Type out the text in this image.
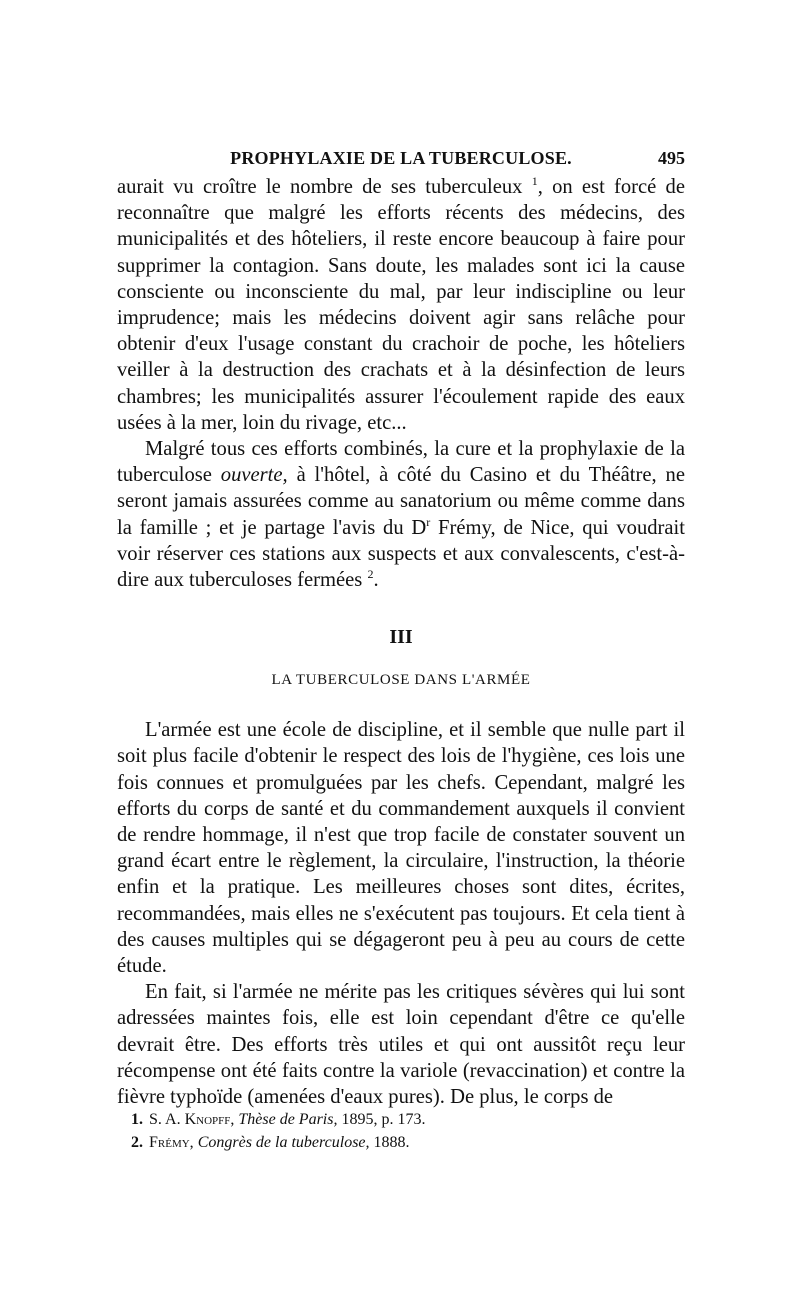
PROPHYLAXIE DE LA TUBERCULOSE.	495

aurait vu croître le nombre de ses tuberculeux $^1$, on est forcé de reconnaître que malgré les efforts récents des médecins, des municipalités et des hôteliers, il reste encore beaucoup à faire pour supprimer la contagion. Sans doute, les malades sont ici la cause consciente ou inconsciente du mal, par leur indiscipline ou leur imprudence; mais les médecins doivent agir sans relâche pour obtenir d'eux l'usage constant du crachoir de poche, les hôteliers veiller à la destruction des crachats et à la désinfection de leurs chambres; les municipalités assurer l'écoulement rapide des eaux usées à la mer, loin du rivage, etc...

Malgré tous ces efforts combinés, la cure et la prophylaxie de la tuberculose ouverte, à l'hôtel, à côté du Casino et du Théâtre, ne seront jamais assurées comme au sanatorium ou même comme dans la famille ; et je partage l'avis du $D^r$ Frémy, de Nice, qui voudrait voir réserver ces stations aux suspects et aux convalescents, c'est-à-dire aux tuberculoses fermées $^2$.

III
LA TUBERCULOSE DANS L'ARMÉE

L'armée est une école de discipline, et il semble que nulle part il soit plus facile d'obtenir le respect des lois de l'hygiène, ces lois une fois connues et promulguées par les chefs. Cependant, malgré les efforts du corps de santé et du commandement auxquels il convient de rendre hommage, il n'est que trop facile de constater souvent un grand écart entre le règlement, la circulaire, l'instruction, la théorie enfin et la pratique. Les meilleures choses sont dites, écrites, recommandées, mais elles ne s'exécutent pas toujours. Et cela tient à des causes multiples qui se dégageront peu à peu au cours de cette étude.

En fait, si l'armée ne mérite pas les critiques sévères qui lui sont adressées maintes fois, elle est loin cependant d'être ce qu'elle devrait être. Des efforts très utiles et qui ont aussitôt reçu leur récompense ont été faits contre la variole (revaccination) et contre la fièvre typhoïde (amenées d'eaux pures). De plus, le corps de

1. S. A. Knopff, Thèse de Paris, 1895, p. 173.

2. Frémy, Congrès de la tuberculose, 1888.
